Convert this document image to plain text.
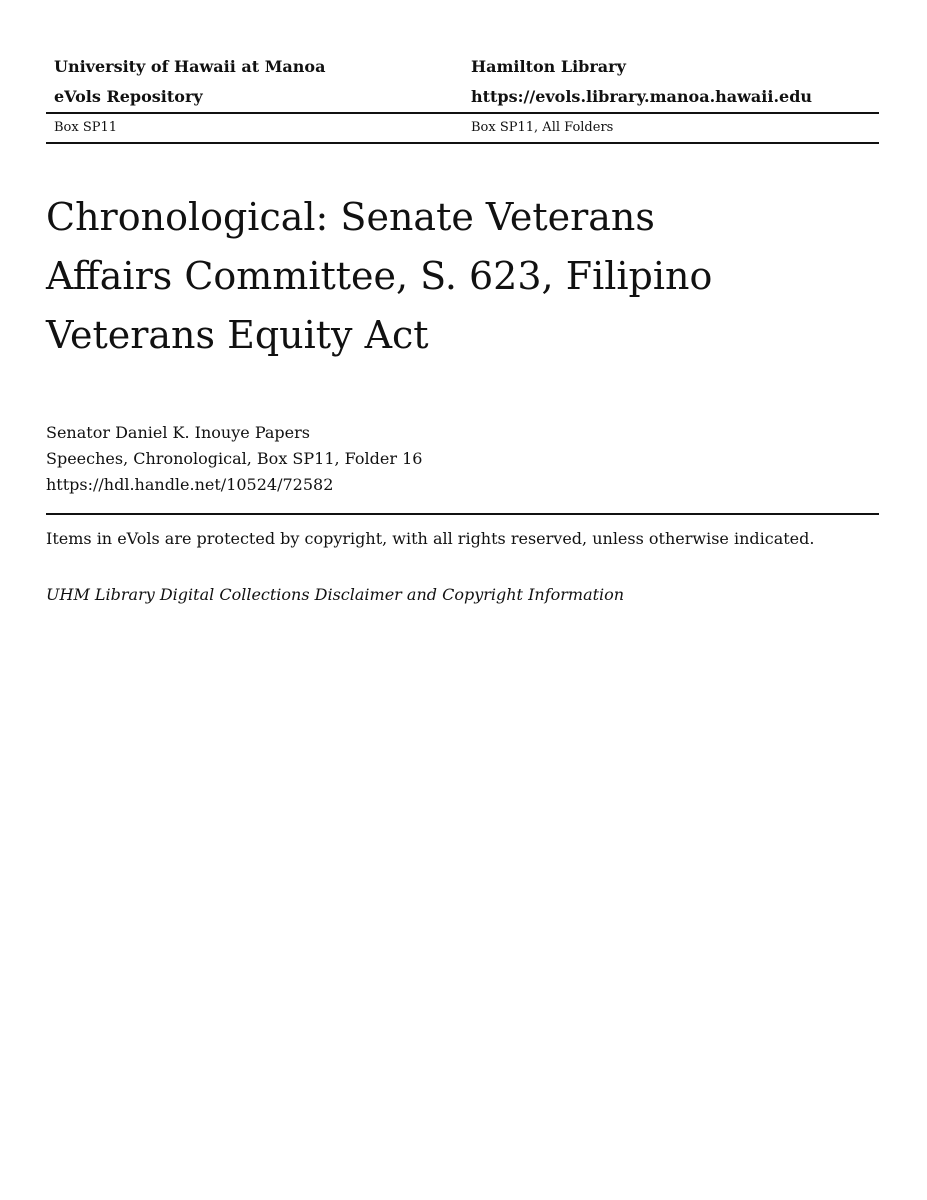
University of Hawaii at Manoa	Hamilton Library
eVols Repository	https://evols.library.manoa.hawaii.edu
Box SP11	Box SP11, All Folders
Chronological: Senate Veterans Affairs Committee, S. 623, Filipino Veterans Equity Act
Senator Daniel K. Inouye Papers
Speeches, Chronological, Box SP11, Folder 16
https://hdl.handle.net/10524/72582
Items in eVols are protected by copyright, with all rights reserved, unless otherwise indicated.
UHM Library Digital Collections Disclaimer and Copyright Information
